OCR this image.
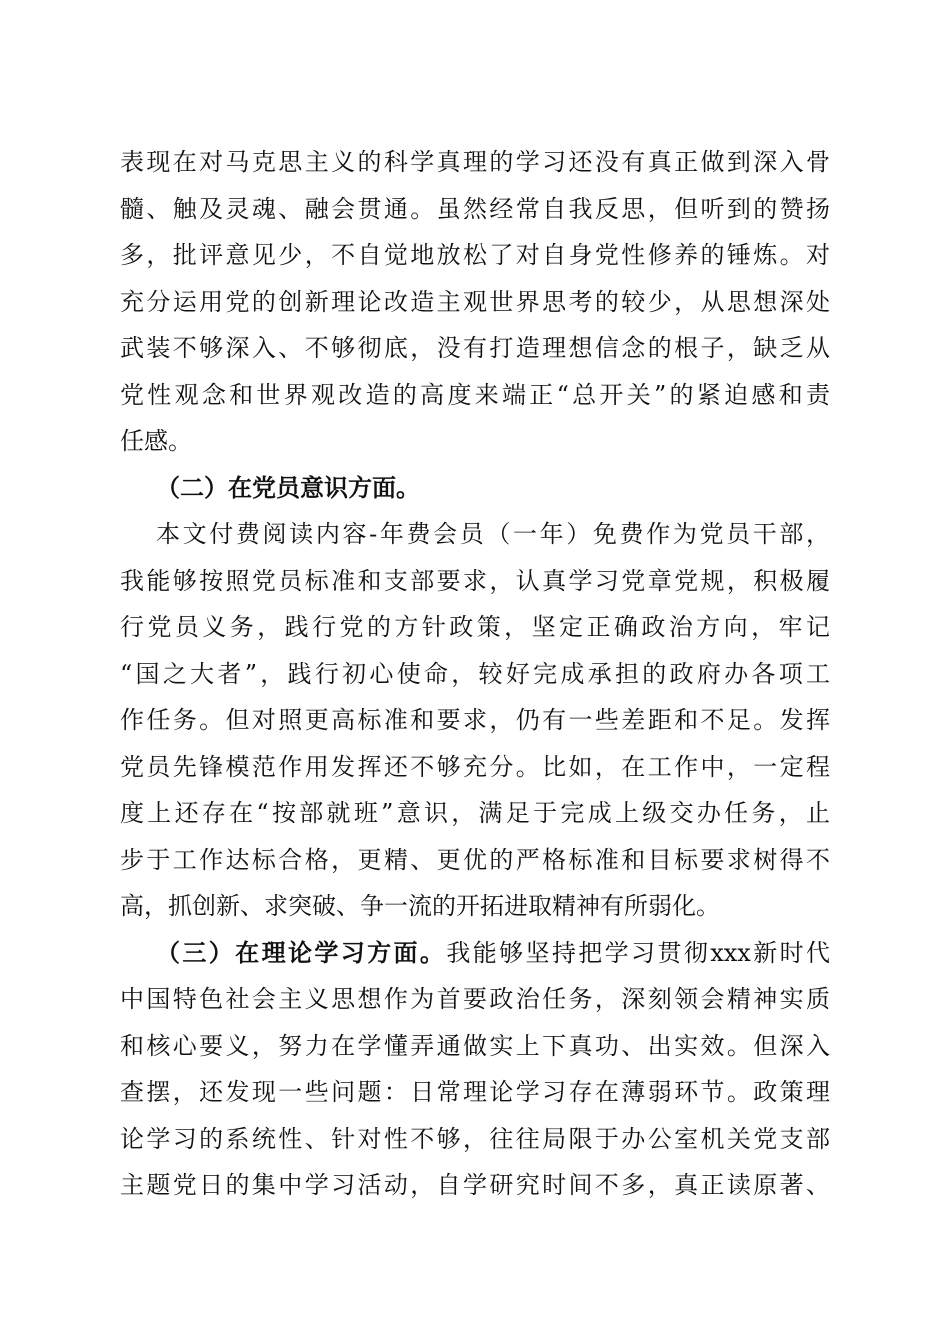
表现在对马克思主义的科学真理的学习还没有真正做到深入骨
髓、触及灵魂、融会贯通。虽然经常自我反思，但听到的赞扬
多，批评意见少，不自觉地放松了对自身党性修养的锤炼。对
充分运用党的创新理论改造主观世界思考的较少，从思想深处
武装不够深入、不够彻底，没有打造理想信念的根子，缺乏从
党性观念和世界观改造的高度来端正“总开关”的紧迫感和责
任感。
（二）在党员意识方面。
本文付费阅读内容-年费会员（一年）免费作为党员干部，
我能够按照党员标准和支部要求，认真学习党章党规，积极履
行党员义务，践行党的方针政策，坚定正确政治方向，牢记
“国之大者”，践行初心使命，较好完成承担的政府办各项工
作任务。但对照更高标准和要求，仍有一些差距和不足。发挥
党员先锋模范作用发挥还不够充分。比如，在工作中，一定程
度上还存在“按部就班”意识，满足于完成上级交办任务，止
步于工作达标合格，更精、更优的严格标准和目标要求树得不
高，抓创新、求突破、争一流的开拓进取精神有所弱化。
（三）在理论学习方面。我能够坚持把学习贯彻xxx新时代
中国特色社会主义思想作为首要政治任务，深刻领会精神实质
和核心要义，努力在学懂弄通做实上下真功、出实效。但深入
查摆，还发现一些问题：日常理论学习存在薄弱环节。政策理
论学习的系统性、针对性不够，往往局限于办公室机关党支部
主题党日的集中学习活动，自学研究时间不多，真正读原著、
